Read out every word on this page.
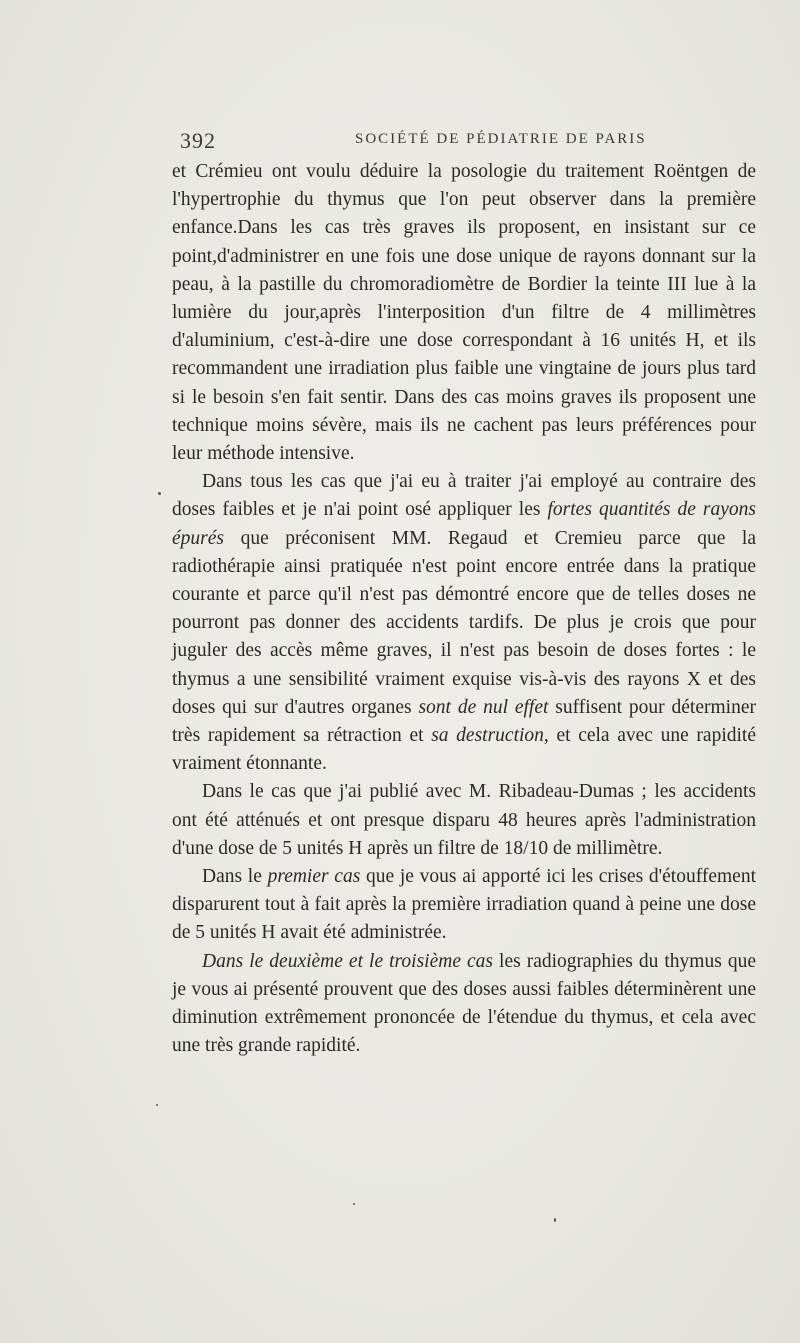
392	SOCIÉTÉ DE PÉDIATRIE DE PARIS

et Crémieu ont voulu déduire la posologie du traitement Roëntgen de l'hypertrophie du thymus que l'on peut observer dans la première enfance.Dans les cas très graves ils proposent, en insistant sur ce point,d'administrer en une fois une dose unique de rayons donnant sur la peau, à la pastille du chromoradiomètre de Bordier la teinte III lue à la lumière du jour,après l'interposition d'un filtre de 4 millimètres d'aluminium, c'est-à-dire une dose correspondant à 16 unités H, et ils recommandent une irradiation plus faible une vingtaine de jours plus tard si le besoin s'en fait sentir. Dans des cas moins graves ils proposent une technique moins sévère, mais ils ne cachent pas leurs préférences pour leur méthode intensive.

Dans tous les cas que j'ai eu à traiter j'ai employé au contraire des doses faibles et je n'ai point osé appliquer les fortes quantités de rayons épurés que préconisent MM. Regaud et Cremieu parce que la radiothérapie ainsi pratiquée n'est point encore entrée dans la pratique courante et parce qu'il n'est pas démontré encore que de telles doses ne pourront pas donner des accidents tardifs. De plus je crois que pour juguler des accès même graves, il n'est pas besoin de doses fortes : le thymus a une sensibilité vraiment exquise vis-à-vis des rayons X et des doses qui sur d'autres organes sont de nul effet suffisent pour déterminer très rapidement sa rétraction et sa destruction, et cela avec une rapidité vraiment étonnante.

Dans le cas que j'ai publié avec M. Ribadeau-Dumas ; les accidents ont été atténués et ont presque disparu 48 heures après l'administration d'une dose de 5 unités H après un filtre de 18/10 de millimètre.

Dans le premier cas que je vous ai apporté ici les crises d'étouffement disparurent tout à fait après la première irradiation quand à peine une dose de 5 unités H avait été administrée.

Dans le deuxième et le troisième cas les radiographies du thymus que je vous ai présenté prouvent que des doses aussi faibles déterminèrent une diminution extrêmement prononcée de l'étendue du thymus, et cela avec une très grande rapidité.
